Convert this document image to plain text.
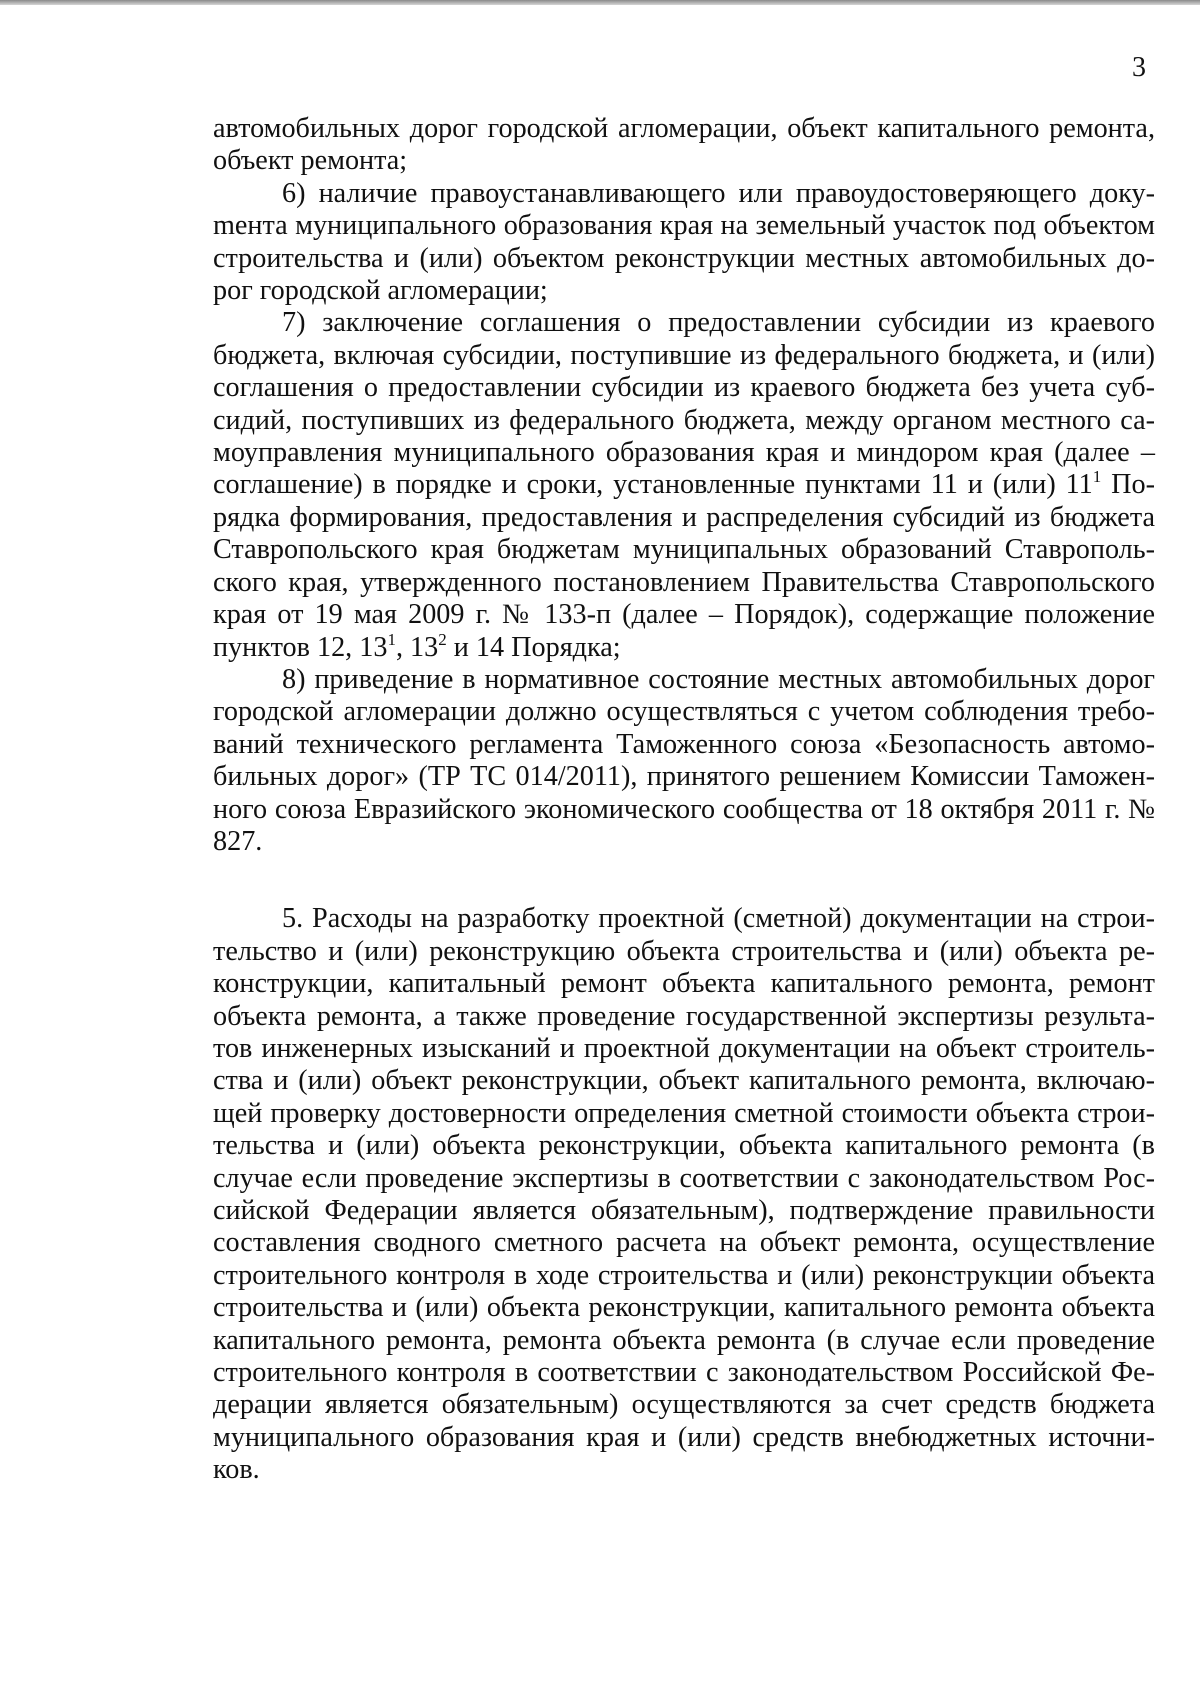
3

автомобильных дорог городской агломерации, объект капитального ремонта, объект ремонта;

6) наличие правоустанавливающего или правоудостоверяющего докуmента муниципального образования края на земельный участок под объектом строительства и (или) объектом реконструкции местных автомобильных дорог городской агломерации;

7) заключение соглашения о предоставлении субсидии из краевого бюджета, включая субсидии, поступившие из федерального бюджета, и (или) соглашения о предоставлении субсидии из краевого бюджета без учета субсидий, поступивших из федерального бюджета, между органом местного самоуправления муниципального образования края и миндором края (далее – соглашение) в порядке и сроки, установленные пунктами 11 и (или) $11^1$ Порядка формирования, предоставления и распределения субсидий из бюджета Ставропольского края бюджетам муниципальных образований Ставропольского края, утвержденного постановлением Правительства Ставропольского края от 19 мая 2009 г. № 133-п (далее – Порядок), содержащие положение пунктов 12, $13^1$, $13^2$ и 14 Порядка;

8) приведение в нормативное состояние местных автомобильных дорог городской агломерации должно осуществляться с учетом соблюдения требований технического регламента Таможенного союза «Безопасность автомобильных дорог» (ТР ТС 014/2011), принятого решением Комиссии Таможенного союза Евразийского экономического сообщества от 18 октября 2011 г. № 827.

5. Расходы на разработку проектной (сметной) документации на строительство и (или) реконструкцию объекта строительства и (или) объекта реконструкции, капитальный ремонт объекта капитального ремонта, ремонт объекта ремонта, а также проведение государственной экспертизы результатов инженерных изысканий и проектной документации на объект строительства и (или) объект реконструкции, объект капитального ремонта, включающей проверку достоверности определения сметной стоимости объекта строительства и (или) объекта реконструкции, объекта капитального ремонта (в случае если проведение экспертизы в соответствии с законодательством Российской Федерации является обязательным), подтверждение правильности составления сводного сметного расчета на объект ремонта, осуществление строительного контроля в ходе строительства и (или) реконструкции объекта строительства и (или) объекта реконструкции, капитального ремонта объекта капитального ремонта, ремонта объекта ремонта (в случае если проведение строительного контроля в соответствии с законодательством Российской Федерации является обязательным) осуществляются за счет средств бюджета муниципального образования края и (или) средств внебюджетных источников.
